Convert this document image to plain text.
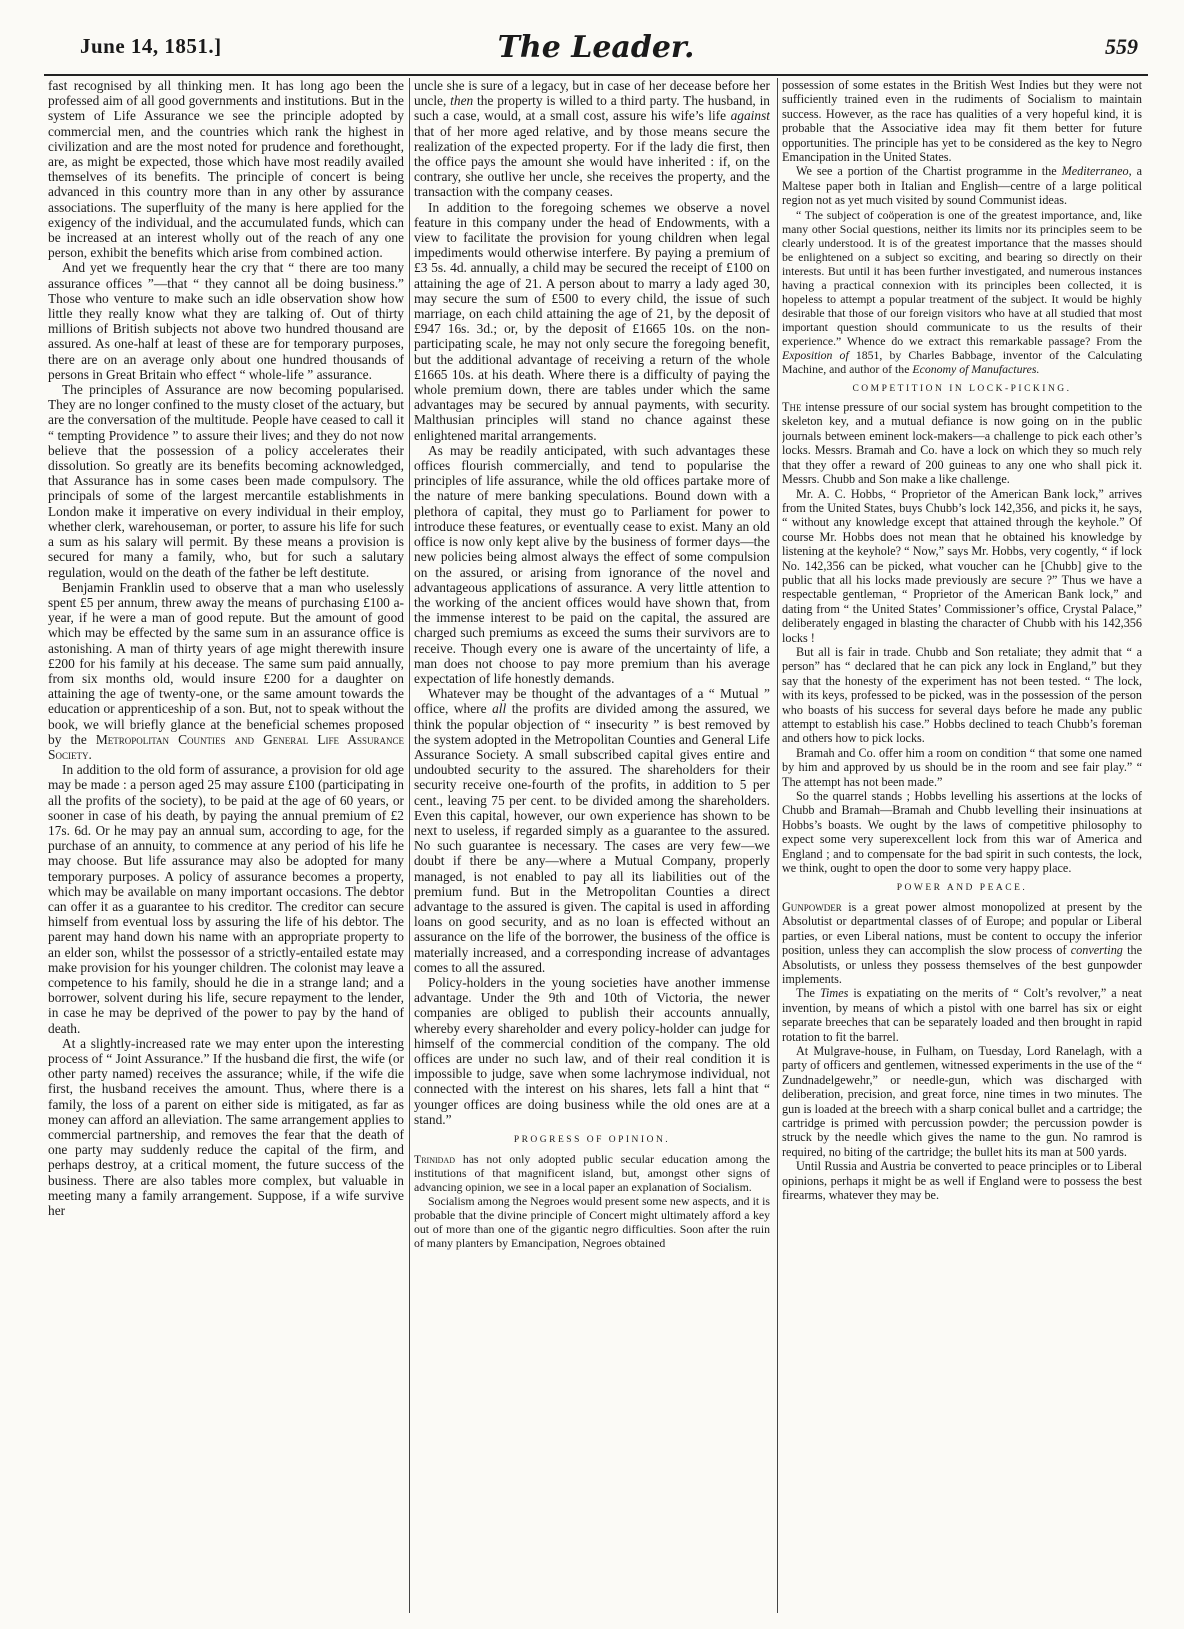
June 14, 1851.]	The Leader.	559

fast recognised by all thinking men. It has long ago been the professed aim of all good governments and institutions. But in the system of Life Assurance we see the principle adopted by commercial men, and the countries which rank the highest in civilization and are the most noted for prudence and forethought, are, as might be expected, those which have most readily availed themselves of its benefits. The principle of concert is being advanced in this country more than in any other by assurance associations. The superfluity of the many is here applied for the exigency of the individual, and the accumulated funds, which can be increased at an interest wholly out of the reach of any one person, exhibit the benefits which arise from combined action.

And yet we frequently hear the cry that “ there are too many assurance offices ”—that “ they cannot all be doing business.” Those who venture to make such an idle observation show how little they really know what they are talking of. Out of thirty millions of British subjects not above two hundred thousand are assured. As one-half at least of these are for temporary purposes, there are on an average only about one hundred thousands of persons in Great Britain who effect “ whole-life ” assurance.

The principles of Assurance are now becoming popularised. They are no longer confined to the musty closet of the actuary, but are the conversation of the multitude. People have ceased to call it “ tempting Providence ” to assure their lives; and they do not now believe that the possession of a policy accelerates their dissolution. So greatly are its benefits becoming acknowledged, that Assurance has in some cases been made compulsory. The principals of some of the largest mercantile establishments in London make it imperative on every individual in their employ, whether clerk, warehouseman, or porter, to assure his life for such a sum as his salary will permit. By these means a provision is secured for many a family, who, but for such a salutary regulation, would on the death of the father be left destitute.

Benjamin Franklin used to observe that a man who uselessly spent £5 per annum, threw away the means of purchasing £100 a-year, if he were a man of good repute. But the amount of good which may be effected by the same sum in an assurance office is astonishing. A man of thirty years of age might therewith insure £200 for his family at his decease. The same sum paid annually, from six months old, would insure £200 for a daughter on attaining the age of twenty-one, or the same amount towards the education or apprenticeship of a son. But, not to speak without the book, we will briefly glance at the beneficial schemes proposed by the Metropolitan Counties and General Life Assurance Society.

In addition to the old form of assurance, a provision for old age may be made : a person aged 25 may assure £100 (participating in all the profits of the society), to be paid at the age of 60 years, or sooner in case of his death, by paying the annual premium of £2 17s. 6d. Or he may pay an annual sum, according to age, for the purchase of an annuity, to commence at any period of his life he may choose. But life assurance may also be adopted for many temporary purposes. A policy of assurance becomes a property, which may be available on many important occasions. The debtor can offer it as a guarantee to his creditor. The creditor can secure himself from eventual loss by assuring the life of his debtor. The parent may hand down his name with an appropriate property to an elder son, whilst the possessor of a strictly-entailed estate may make provision for his younger children. The colonist may leave a competence to his family, should he die in a strange land; and a borrower, solvent during his life, secure repayment to the lender, in case he may be deprived of the power to pay by the hand of death.

At a slightly-increased rate we may enter upon the interesting process of “ Joint Assurance.” If the husband die first, the wife (or other party named) receives the assurance; while, if the wife die first, the husband receives the amount. Thus, where there is a family, the loss of a parent on either side is mitigated, as far as money can afford an alleviation. The same arrangement applies to commercial partnership, and removes the fear that the death of one party may suddenly reduce the capital of the firm, and perhaps destroy, at a critical moment, the future success of the business. There are also tables more complex, but valuable in meeting many a family arrangement. Suppose, if a wife survive her

uncle she is sure of a legacy, but in case of her decease before her uncle, then the property is willed to a third party. The husband, in such a case, would, at a small cost, assure his wife’s life against that of her more aged relative, and by those means secure the realization of the expected property. For if the lady die first, then the office pays the amount she would have inherited : if, on the contrary, she outlive her uncle, she receives the property, and the transaction with the company ceases.

In addition to the foregoing schemes we observe a novel feature in this company under the head of Endowments, with a view to facilitate the provision for young children when legal impediments would otherwise interfere. By paying a premium of £3 5s. 4d. annually, a child may be secured the receipt of £100 on attaining the age of 21. A person about to marry a lady aged 30, may secure the sum of £500 to every child, the issue of such marriage, on each child attaining the age of 21, by the deposit of £947 16s. 3d.; or, by the deposit of £1665 10s. on the non-participating scale, he may not only secure the foregoing benefit, but the additional advantage of receiving a return of the whole £1665 10s. at his death. Where there is a difficulty of paying the whole premium down, there are tables under which the same advantages may be secured by annual payments, with security. Malthusian principles will stand no chance against these enlightened marital arrangements.

As may be readily anticipated, with such advantages these offices flourish commercially, and tend to popularise the principles of life assurance, while the old offices partake more of the nature of mere banking speculations. Bound down with a plethora of capital, they must go to Parliament for power to introduce these features, or eventually cease to exist. Many an old office is now only kept alive by the business of former days—the new policies being almost always the effect of some compulsion on the assured, or arising from ignorance of the novel and advantageous applications of assurance. A very little attention to the working of the ancient offices would have shown that, from the immense interest to be paid on the capital, the assured are charged such premiums as exceed the sums their survivors are to receive. Though every one is aware of the uncertainty of life, a man does not choose to pay more premium than his average expectation of life honestly demands.

Whatever may be thought of the advantages of a “ Mutual ” office, where all the profits are divided among the assured, we think the popular objection of “ insecurity ” is best removed by the system adopted in the Metropolitan Counties and General Life Assurance Society. A small subscribed capital gives entire and undoubted security to the assured. The shareholders for their security receive one-fourth of the profits, in addition to 5 per cent., leaving 75 per cent. to be divided among the shareholders. Even this capital, however, our own experience has shown to be next to useless, if regarded simply as a guarantee to the assured. No such guarantee is necessary. The cases are very few—we doubt if there be any—where a Mutual Company, properly managed, is not enabled to pay all its liabilities out of the premium fund. But in the Metropolitan Counties a direct advantage to the assured is given. The capital is used in affording loans on good security, and as no loan is effected without an assurance on the life of the borrower, the business of the office is materially increased, and a corresponding increase of advantages comes to all the assured.

Policy-holders in the young societies have another immense advantage. Under the 9th and 10th of Victoria, the newer companies are obliged to publish their accounts annually, whereby every shareholder and every policy-holder can judge for himself of the commercial condition of the company. The old offices are under no such law, and of their real condition it is impossible to judge, save when some lachrymose individual, not connected with the interest on his shares, lets fall a hint that “ younger offices are doing business while the old ones are at a stand.”

PROGRESS OF OPINION.

Trinidad has not only adopted public secular education among the institutions of that magnificent island, but, amongst other signs of advancing opinion, we see in a local paper an explanation of Socialism.

Socialism among the Negroes would present some new aspects, and it is probable that the divine principle of Concert might ultimately afford a key out of more than one of the gigantic negro difficulties. Soon after the ruin of many planters by Emancipation, Negroes obtained

possession of some estates in the British West Indies but they were not sufficiently trained even in the rudiments of Socialism to maintain success. However, as the race has qualities of a very hopeful kind, it is probable that the Associative idea may fit them better for future opportunities. The principle has yet to be considered as the key to Negro Emancipation in the United States.

We see a portion of the Chartist programme in the Mediterraneo, a Maltese paper both in Italian and English—centre of a large political region not as yet much visited by sound Communist ideas.

“ The subject of coöperation is one of the greatest importance, and, like many other Social questions, neither its limits nor its principles seem to be clearly understood. It is of the greatest importance that the masses should be enlightened on a subject so exciting, and bearing so directly on their interests. But until it has been further investigated, and numerous instances having a practical connexion with its principles been collected, it is hopeless to attempt a popular treatment of the subject. It would be highly desirable that those of our foreign visitors who have at all studied that most important question should communicate to us the results of their experience.” Whence do we extract this remarkable passage? From the Exposition of 1851, by Charles Babbage, inventor of the Calculating Machine, and author of the Economy of Manufactures.

COMPETITION IN LOCK-PICKING.

The intense pressure of our social system has brought competition to the skeleton key, and a mutual defiance is now going on in the public journals between eminent lock-makers—a challenge to pick each other’s locks. Messrs. Bramah and Co. have a lock on which they so much rely that they offer a reward of 200 guineas to any one who shall pick it. Messrs. Chubb and Son make a like challenge.

Mr. A. C. Hobbs, “ Proprietor of the American Bank lock,” arrives from the United States, buys Chubb’s lock 142,356, and picks it, he says, “ without any knowledge except that attained through the keyhole.” Of course Mr. Hobbs does not mean that he obtained his knowledge by listening at the keyhole? “ Now,” says Mr. Hobbs, very cogently, “ if lock No. 142,356 can be picked, what voucher can he [Chubb] give to the public that all his locks made previously are secure ?” Thus we have a respectable gentleman, “ Proprietor of the American Bank lock,” and dating from “ the United States’ Commissioner’s office, Crystal Palace,” deliberately engaged in blasting the character of Chubb with his 142,356 locks !

But all is fair in trade. Chubb and Son retaliate; they admit that “ a person” has “ declared that he can pick any lock in England,” but they say that the honesty of the experiment has not been tested. “ The lock, with its keys, professed to be picked, was in the possession of the person who boasts of his success for several days before he made any public attempt to establish his case.” Hobbs declined to teach Chubb’s foreman and others how to pick locks.

Bramah and Co. offer him a room on condition “ that some one named by him and approved by us should be in the room and see fair play.” “ The attempt has not been made.”

So the quarrel stands ; Hobbs levelling his assertions at the locks of Chubb and Bramah—Bramah and Chubb levelling their insinuations at Hobbs’s boasts. We ought by the laws of competitive philosophy to expect some very superexcellent lock from this war of America and England ; and to compensate for the bad spirit in such contests, the lock, we think, ought to open the door to some very happy place.

POWER AND PEACE.

Gunpowder is a great power almost monopolized at present by the Absolutist or departmental classes of of Europe; and popular or Liberal parties, or even Liberal nations, must be content to occupy the inferior position, unless they can accomplish the slow process of converting the Absolutists, or unless they possess themselves of the best gunpowder implements.

The Times is expatiating on the merits of “ Colt’s revolver,” a neat invention, by means of which a pistol with one barrel has six or eight separate breeches that can be separately loaded and then brought in rapid rotation to fit the barrel.

At Mulgrave-house, in Fulham, on Tuesday, Lord Ranelagh, with a party of officers and gentlemen, witnessed experiments in the use of the “ Zundnadelgewehr,” or needle-gun, which was discharged with deliberation, precision, and great force, nine times in two minutes. The gun is loaded at the breech with a sharp conical bullet and a cartridge; the cartridge is primed with percussion powder; the percussion powder is struck by the needle which gives the name to the gun. No ramrod is required, no biting of the cartridge; the bullet hits its man at 500 yards.

Until Russia and Austria be converted to peace principles or to Liberal opinions, perhaps it might be as well if England were to possess the best firearms, whatever they may be.
